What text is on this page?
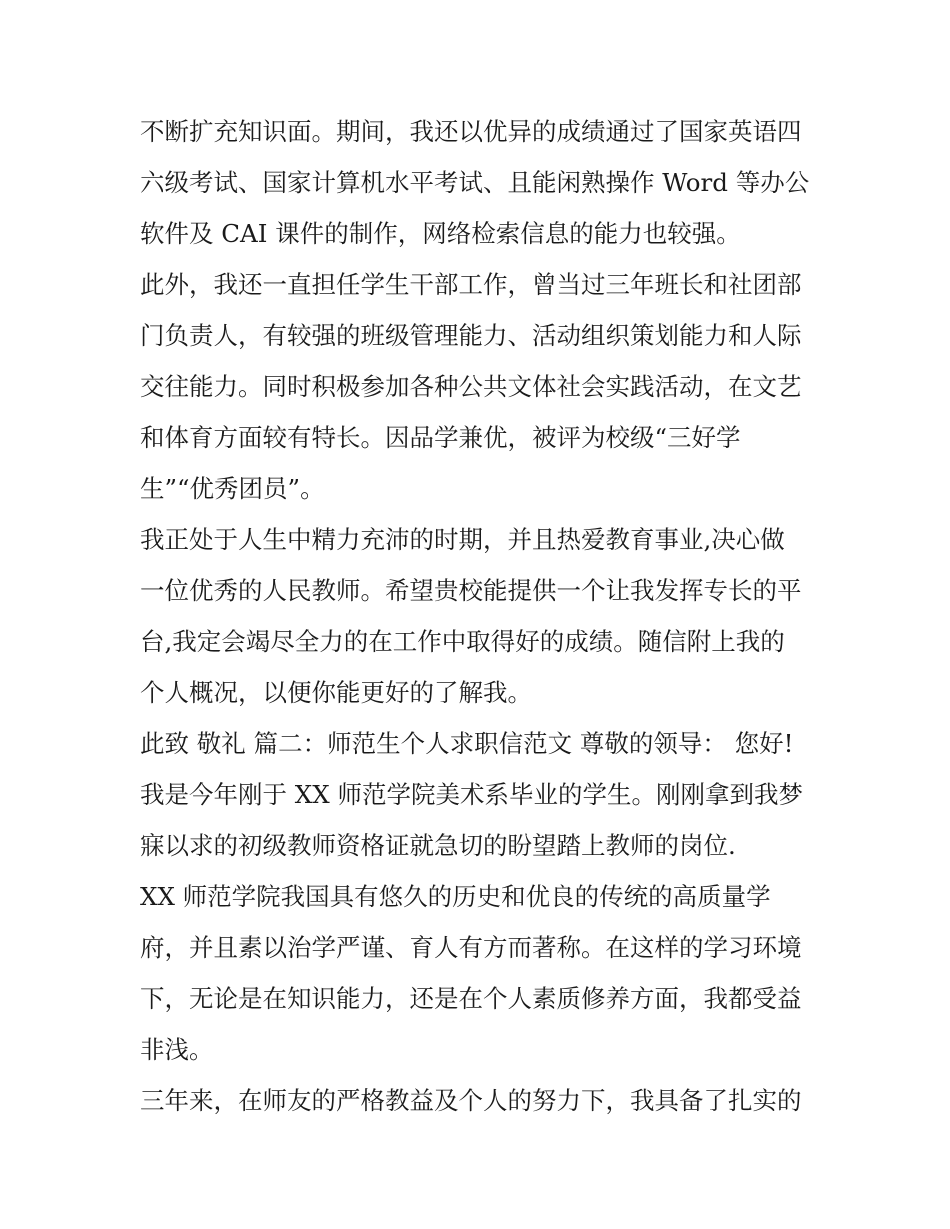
不断扩充知识面。期间，我还以优异的成绩通过了国家英语四
六级考试、国家计算机水平考试、且能闲熟操作 Word 等办公
软件及 CAI 课件的制作，网络检索信息的能力也较强。
此外，我还一直担任学生干部工作，曾当过三年班长和社团部
门负责人，有较强的班级管理能力、活动组织策划能力和人际
交往能力。同时积极参加各种公共文体社会实践活动，在文艺
和体育方面较有特长。因品学兼优，被评为校级“三好学
生”“优秀团员”。
我正处于人生中精力充沛的时期，并且热爱教育事业,决心做
一位优秀的人民教师。希望贵校能提供一个让我发挥专长的平
台,我定会竭尽全力的在工作中取得好的成绩。随信附上我的
个人概况，以便你能更好的了解我。
此致 敬礼 篇二：师范生个人求职信范文 尊敬的领导： 您好!
我是今年刚于 XX 师范学院美术系毕业的学生。刚刚拿到我梦
寐以求的初级教师资格证就急切的盼望踏上教师的岗位.
XX 师范学院我国具有悠久的历史和优良的传统的高质量学
府，并且素以治学严谨、育人有方而著称。在这样的学习环境
下，无论是在知识能力，还是在个人素质修养方面，我都受益
非浅。
三年来，在师友的严格教益及个人的努力下，我具备了扎实的
